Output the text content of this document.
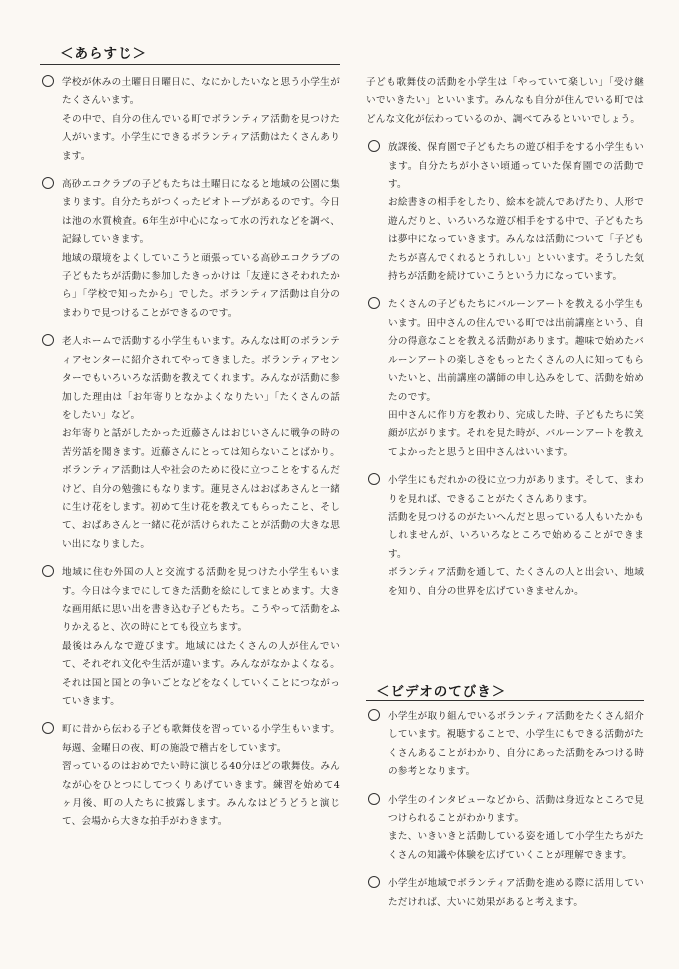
＜あらすじ＞

学校が休みの土曜日日曜日に、なにかしたいなと思う小学生がたくさんいます。

その中で、自分の住んでいる町でボランティア活動を見つけた人がいます。小学生にできるボランティア活動はたくさんあります。

高砂エコクラブの子どもたちは土曜日になると地域の公園に集まります。自分たちがつくったビオトープがあるのです。今日は池の水質検査。6年生が中心になって水の汚れなどを調べ、記録していきます。

地域の環境をよくしていこうと頑張っている高砂エコクラブの子どもたちが活動に参加したきっかけは「友達にさそわれたから」「学校で知ったから」でした。ボランティア活動は自分のまわりで見つけることができるのです。

老人ホームで活動する小学生もいます。みんなは町のボランティアセンターに紹介されてやってきました。ボランティアセンターでもいろいろな活動を教えてくれます。みんなが活動に参加した理由は「お年寄りとなかよくなりたい」「たくさんの話をしたい」など。

お年寄りと話がしたかった近藤さんはおじいさんに戦争の時の苦労話を聞きます。近藤さんにとっては知らないことばかり。ボランティア活動は人や社会のために役に立つことをするんだけど、自分の勉強にもなります。蓮見さんはおばあさんと一緒に生け花をします。初めて生け花を教えてもらったこと、そして、おばあさんと一緒に花が活けられたことが活動の大きな思い出になりました。

地域に住む外国の人と交流する活動を見つけた小学生もいます。今日は今までにしてきた活動を絵にしてまとめます。大きな画用紙に思い出を書き込む子どもたち。こうやって活動をふりかえると、次の時にとても役立ちます。

最後はみんなで遊びます。地域にはたくさんの人が住んでいて、それぞれ文化や生活が違います。みんながなかよくなる。それは国と国との争いごとなどをなくしていくことにつながっていきます。

町に昔から伝わる子ども歌舞伎を習っている小学生もいます。毎週、金曜日の夜、町の施設で稽古をしています。

習っているのはおめでたい時に演じる40分ほどの歌舞伎。みんなが心をひとつにしてつくりあげていきます。練習を始めて4ヶ月後、町の人たちに披露します。みんなはどうどうと演じて、会場から大きな拍手がわきます。

子ども歌舞伎の活動を小学生は「やっていて楽しい」「受け継いでいきたい」といいます。みんなも自分が住んでいる町ではどんな文化が伝わっているのか、調べてみるといいでしょう。

放課後、保育園で子どもたちの遊び相手をする小学生もいます。自分たちが小さい頃通っていた保育園での活動です。

お絵書きの相手をしたり、絵本を読んであげたり、人形で遊んだりと、いろいろな遊び相手をする中で、子どもたちは夢中になっていきます。みんなは活動について「子どもたちが喜んでくれるとうれしい」といいます。そうした気持ちが活動を続けていこうという力になっています。

たくさんの子どもたちにバルーンアートを教える小学生もいます。田中さんの住んでいる町では出前講座という、自分の得意なことを教える活動があります。趣味で始めたバルーンアートの楽しさをもっとたくさんの人に知ってもらいたいと、出前講座の講師の申し込みをして、活動を始めたのです。

田中さんに作り方を教わり、完成した時、子どもたちに笑顔が広がります。それを見た時が、バルーンアートを教えてよかったと思うと田中さんはいいます。

小学生にもだれかの役に立つ力があります。そして、まわりを見れば、できることがたくさんあります。

活動を見つけるのがたいへんだと思っている人もいたかもしれませんが、いろいろなところで始めることができます。

ボランティア活動を通して、たくさんの人と出会い、地域を知り、自分の世界を広げていきませんか。

＜ビデオのてびき＞

小学生が取り組んでいるボランティア活動をたくさん紹介しています。視聴することで、小学生にもできる活動がたくさんあることがわかり、自分にあった活動をみつける時の参考となります。

小学生のインタビューなどから、活動は身近なところで見つけられることがわかります。

また、いきいきと活動している姿を通して小学生たちがたくさんの知識や体験を広げていくことが理解できます。

小学生が地域でボランティア活動を進める際に活用していただければ、大いに効果があると考えます。
